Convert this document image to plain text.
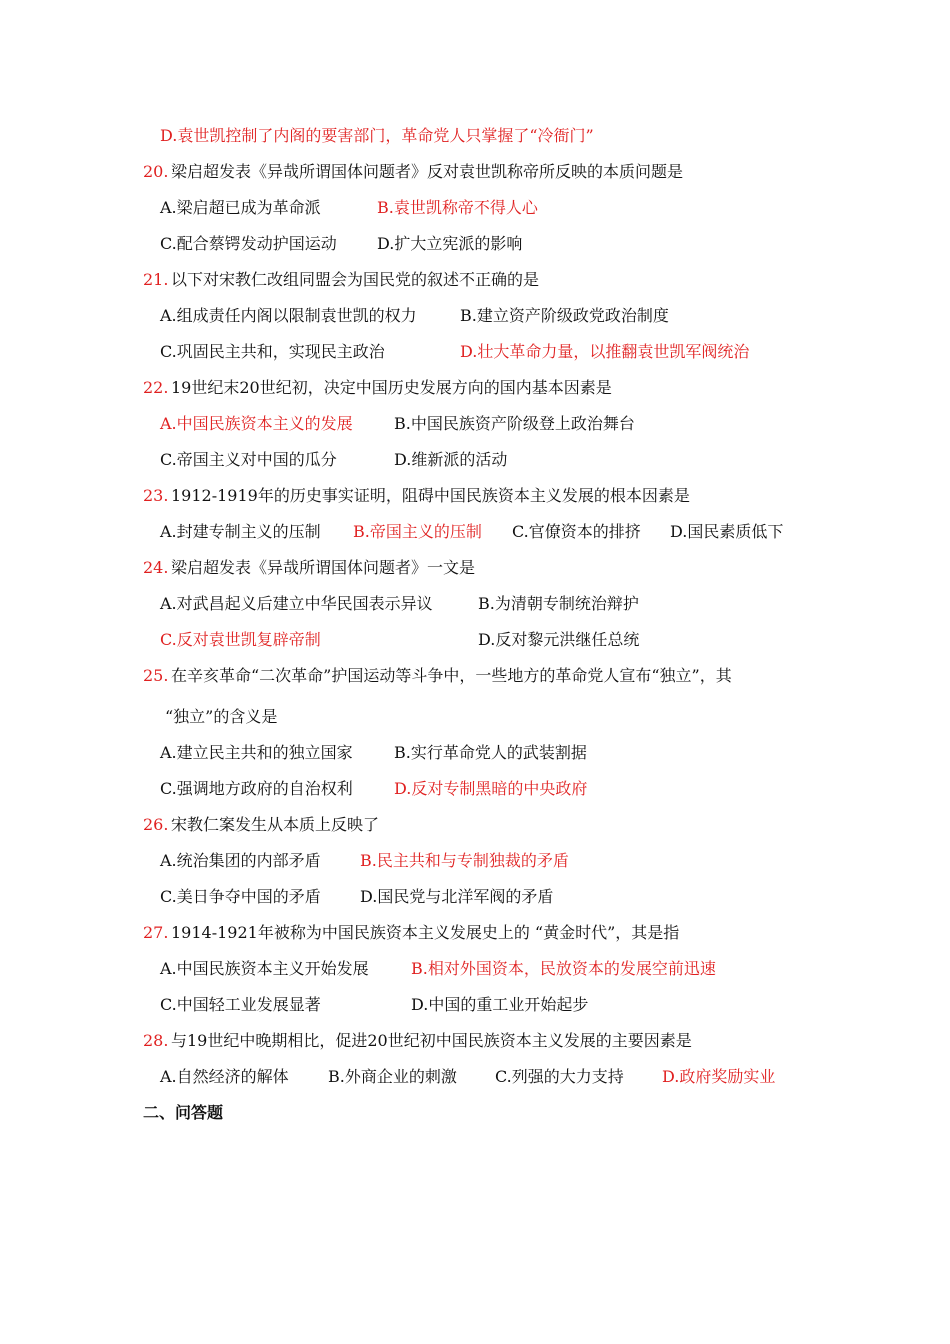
D.袁世凯控制了内阁的要害部门，革命党人只掌握了“冷衙门”
20. 梁启超发表《异哉所谓国体问题者》反对袁世凯称帝所反映的本质问题是
A.梁启超已成为革命派	B.袁世凯称帝不得人心
C.配合蔡锷发动护国运动	D.扩大立宪派的影响
21. 以下对宋教仁改组同盟会为国民党的叙述不正确的是
A.组成责任内阁以限制袁世凯的权力	B.建立资产阶级政党政治制度
C.巩固民主共和，实现民主政治	D.壮大革命力量，以推翻袁世凯军阀统治
22. 19世纪末20世纪初，决定中国历史发展方向的国内基本因素是
A.中国民族资本主义的发展	B.中国民族资产阶级登上政治舞台
C.帝国主义对中国的瓜分	D.维新派的活动
23. 1912-1919年的历史事实证明，阻碍中国民族资本主义发展的根本因素是
A.封建专制主义的压制 B.帝国主义的压制 C.官僚资本的排挤 D.国民素质低下
24. 梁启超发表《异哉所谓国体问题者》一文是
A.对武昌起义后建立中华民国表示异议	B.为清朝专制统治辩护
C.反对袁世凯复辟帝制	D.反对黎元洪继任总统
25. 在辛亥革命“二次革命”护国运动等斗争中，一些地方的革命党人宣布“独立”，其
“独立”的含义是
A.建立民主共和的独立国家	B.实行革命党人的武装割据
C.强调地方政府的自治权利	D.反对专制黑暗的中央政府
26. 宋教仁案发生从本质上反映了
A.统治集团的内部矛盾 B.民主共和与专制独裁的矛盾
C.美日争夺中国的矛盾 D.国民党与北洋军阀的矛盾
27. 1914-1921年被称为中国民族资本主义发展史上的 “黄金时代”，其是指
A.中国民族资本主义开始发展	B.相对外国资本，民放资本的发展空前迅速
C.中国轻工业发展显著	D.中国的重工业开始起步
28. 与19世纪中晚期相比，促进20世纪初中国民族资本主义发展的主要因素是
A.自然经济的解体 B.外商企业的刺激 C.列强的大力支持 D.政府奖励实业
二、问答题
